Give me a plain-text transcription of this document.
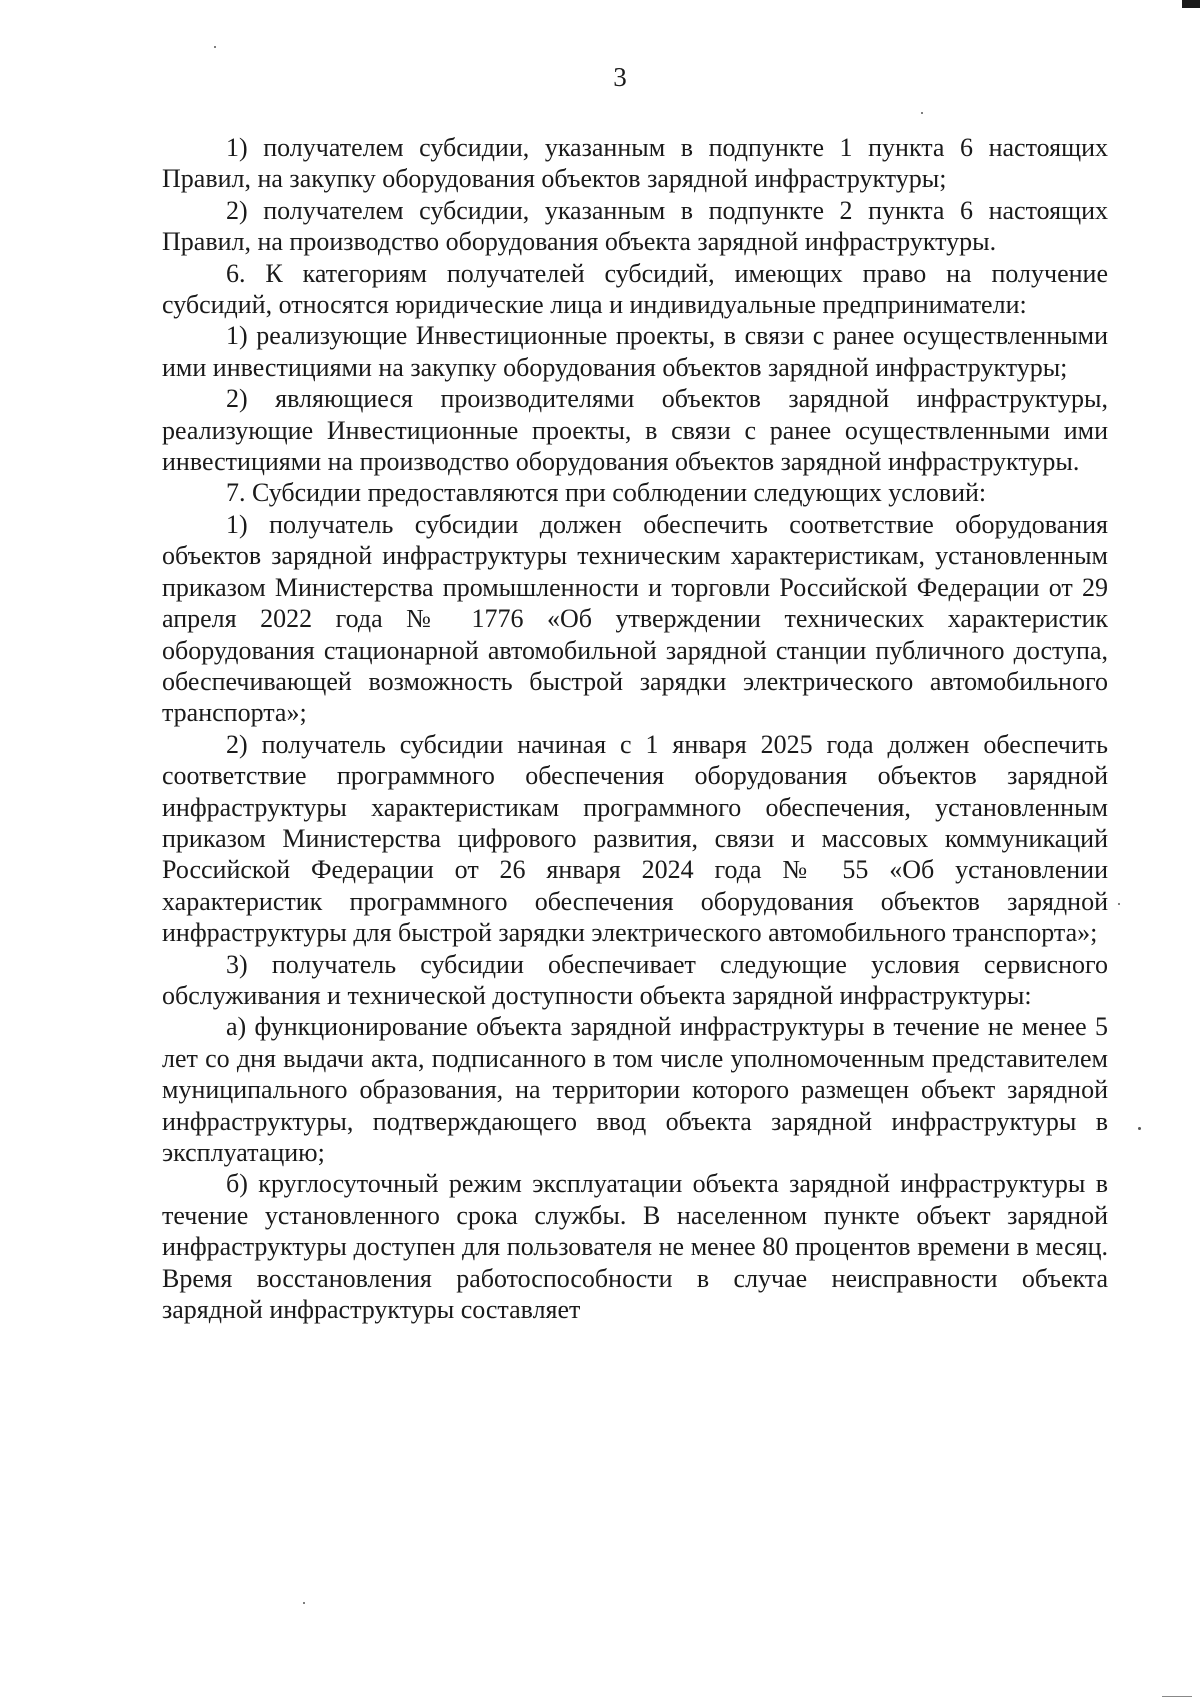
3

1) получателем субсидии, указанным в подпункте 1 пункта 6 настоящих Правил, на закупку оборудования объектов зарядной инфраструктуры;

2) получателем субсидии, указанным в подпункте 2 пункта 6 настоящих Правил, на производство оборудования объекта зарядной инфраструктуры.

6. К категориям получателей субсидий, имеющих право на получение субсидий, относятся юридические лица и индивидуальные предприниматели:

1) реализующие Инвестиционные проекты, в связи с ранее осуществленными ими инвестициями на закупку оборудования объектов зарядной инфраструктуры;

2) являющиеся производителями объектов зарядной инфраструктуры, реализующие Инвестиционные проекты, в связи с ранее осуществленными ими инвестициями на производство оборудования объектов зарядной инфраструктуры.

7. Субсидии предоставляются при соблюдении следующих условий:

1) получатель субсидии должен обеспечить соответствие оборудования объектов зарядной инфраструктуры техническим характеристикам, установленным приказом Министерства промышленности и торговли Российской Федерации от 29 апреля 2022 года № 1776 «Об утверждении технических характеристик оборудования стационарной автомобильной зарядной станции публичного доступа, обеспечивающей возможность быстрой зарядки электрического автомобильного транспорта»;

2) получатель субсидии начиная с 1 января 2025 года должен обеспечить соответствие программного обеспечения оборудования объектов зарядной инфраструктуры характеристикам программного обеспечения, установленным приказом Министерства цифрового развития, связи и массовых коммуникаций Российской Федерации от 26 января 2024 года № 55 «Об установлении характеристик программного обеспечения оборудования объектов зарядной инфраструктуры для быстрой зарядки электрического автомобильного транспорта»;

3) получатель субсидии обеспечивает следующие условия сервисного обслуживания и технической доступности объекта зарядной инфраструктуры:

а) функционирование объекта зарядной инфраструктуры в течение не менее 5 лет со дня выдачи акта, подписанного в том числе уполномоченным представителем муниципального образования, на территории которого размещен объект зарядной инфраструктуры, подтверждающего ввод объекта зарядной инфраструктуры в эксплуатацию;

б) круглосуточный режим эксплуатации объекта зарядной инфраструктуры в течение установленного срока службы. В населенном пункте объект зарядной инфраструктуры доступен для пользователя не менее 80 процентов времени в месяц. Время восстановления работоспособности в случае неисправности объекта зарядной инфраструктуры составляет
